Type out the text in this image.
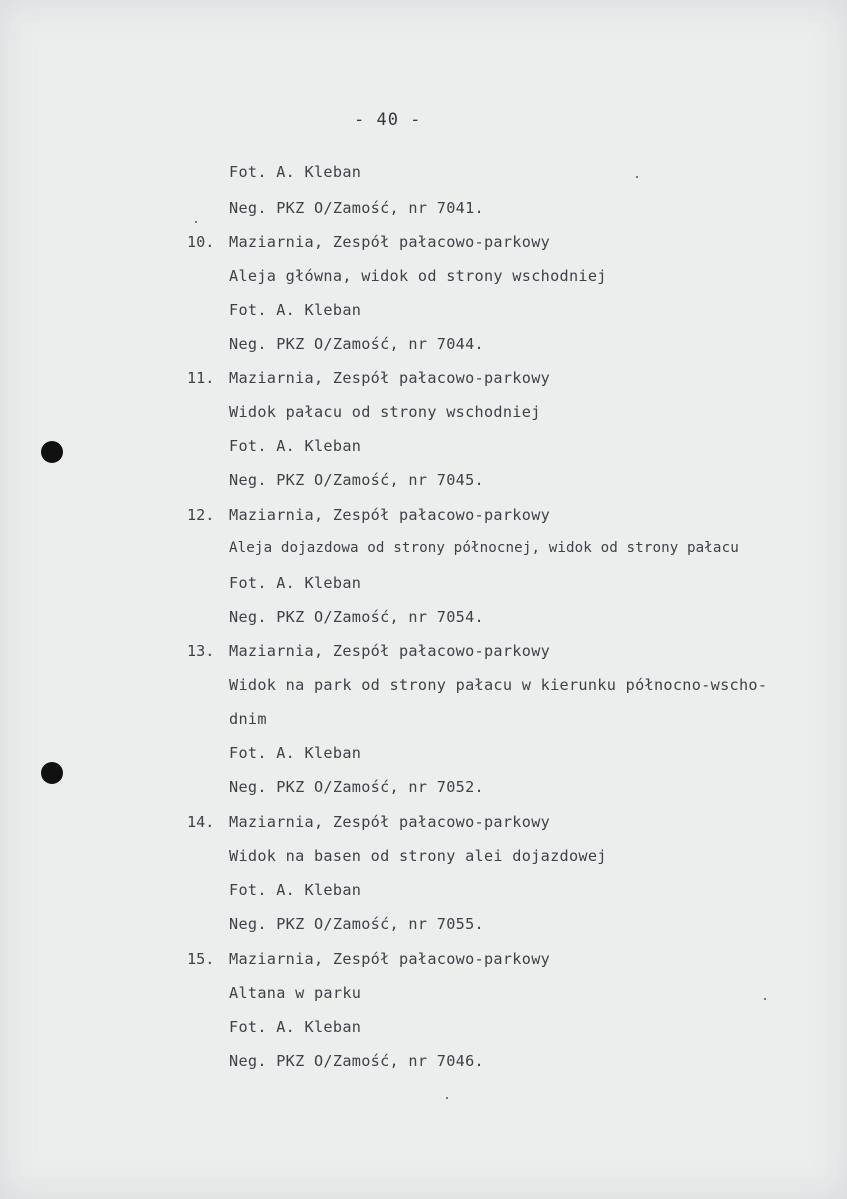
- 40 -
Fot. A. Kleban
Neg. PKZ O/Zamość, nr 7041.
10. Maziarnia, Zespół pałacowo-parkowy
Aleja główna, widok od strony wschodniej
Fot. A. Kleban
Neg. PKZ O/Zamość, nr 7044.
11. Maziarnia, Zespół pałacowo-parkowy
Widok pałacu od strony wschodniej
Fot. A. Kleban
Neg. PKZ O/Zamość, nr 7045.
12. Maziarnia, Zespół pałacowo-parkowy
Aleja dojazdowa od strony północnej, widok od strony pałacu
Fot. A. Kleban
Neg. PKZ O/Zamość, nr 7054.
13. Maziarnia, Zespół pałacowo-parkowy
Widok na park od strony pałacu w kierunku północno-wscho-
dnim
Fot. A. Kleban
Neg. PKZ O/Zamość, nr 7052.
14. Maziarnia, Zespół pałacowo-parkowy
Widok na basen od strony alei dojazdowej
Fot. A. Kleban
Neg. PKZ O/Zamość, nr 7055.
15. Maziarnia, Zespół pałacowo-parkowy
Altana w parku
Fot. A. Kleban
Neg. PKZ O/Zamość, nr 7046.
